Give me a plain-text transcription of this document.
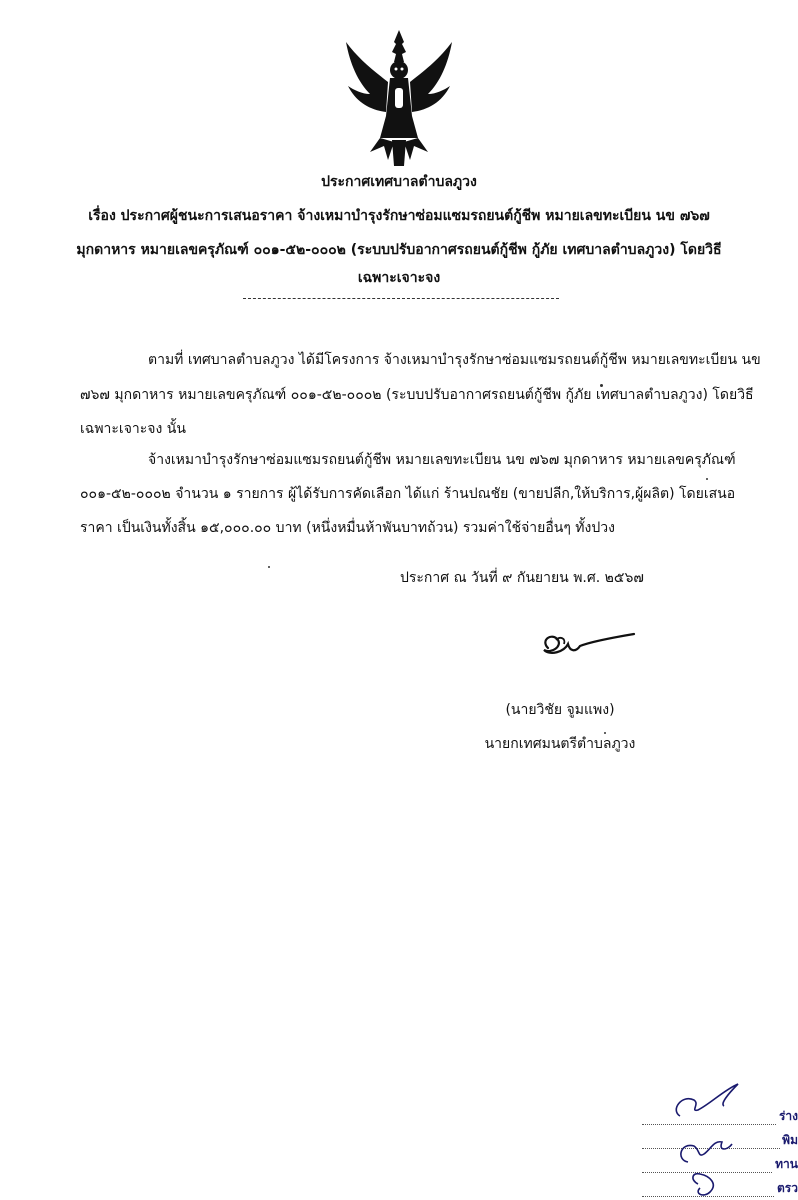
ประกาศเทศบาลตำบลภูวง
เรื่อง ประกาศผู้ชนะการเสนอราคา จ้างเหมาบำรุงรักษาซ่อมแซมรถยนต์กู้ชีพ หมายเลขทะเบียน นข ๗๖๗
มุกดาหาร หมายเลขครุภัณฑ์ ๐๐๑-๕๒-๐๐๐๒ (ระบบปรับอากาศรถยนต์กู้ชีพ กู้ภัย เทศบาลตำบลภูวง) โดยวิธี
เฉพาะเจาะจง
ตามที่ เทศบาลตำบลภูวง ได้มีโครงการ จ้างเหมาบำรุงรักษาซ่อมแซมรถยนต์กู้ชีพ หมายเลขทะเบียน นข
๗๖๗ มุกดาหาร หมายเลขครุภัณฑ์ ๐๐๑-๕๒-๐๐๐๒ (ระบบปรับอากาศรถยนต์กู้ชีพ กู้ภัย เทศบาลตำบลภูวง) โดยวิธี
เฉพาะเจาะจง นั้น
จ้างเหมาบำรุงรักษาซ่อมแซมรถยนต์กู้ชีพ หมายเลขทะเบียน นข ๗๖๗ มุกดาหาร หมายเลขครุภัณฑ์
๐๐๑-๕๒-๐๐๐๒ จำนวน ๑ รายการ ผู้ได้รับการคัดเลือก ได้แก่ ร้านปณชัย (ขายปลีก,ให้บริการ,ผู้ผลิต) โดยเสนอ
ราคา เป็นเงินทั้งสิ้น ๑๕,๐๐๐.๐๐ บาท (หนึ่งหมื่นห้าพันบาทถ้วน) รวมค่าใช้จ่ายอื่นๆ ทั้งปวง
ประกาศ ณ วันที่ ๙ กันยายน พ.ศ. ๒๕๖๗
(นายวิชัย จูมแพง)
นายกเทศมนตรีตำบลภูวง
ร่าง
พิม
ทาน
ตรว
